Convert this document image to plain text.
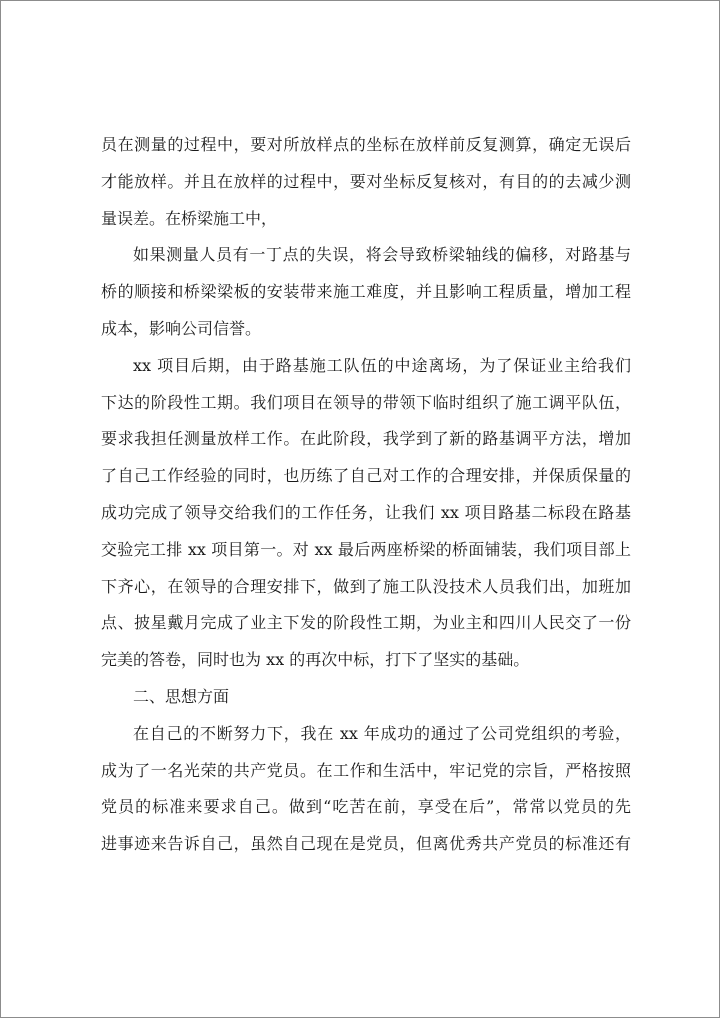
员在测量的过程中，要对所放样点的坐标在放样前反复测算，确定无误后
才能放样。并且在放样的过程中，要对坐标反复核对，有目的的去减少测
量误差。在桥梁施工中，

如果测量人员有一丁点的失误，将会导致桥梁轴线的偏移，对路基与
桥的顺接和桥梁梁板的安装带来施工难度，并且影响工程质量，增加工程
成本，影响公司信誉。

xx 项目后期，由于路基施工队伍的中途离场，为了保证业主给我们
下达的阶段性工期。我们项目在领导的带领下临时组织了施工调平队伍，
要求我担任测量放样工作。在此阶段，我学到了新的路基调平方法，增加
了自己工作经验的同时，也历练了自己对工作的合理安排，并保质保量的
成功完成了领导交给我们的工作任务，让我们 xx 项目路基二标段在路基
交验完工排 xx 项目第一。对 xx 最后两座桥梁的桥面铺装，我们项目部上
下齐心，在领导的合理安排下，做到了施工队没技术人员我们出，加班加
点、披星戴月完成了业主下发的阶段性工期，为业主和四川人民交了一份
完美的答卷，同时也为 xx 的再次中标，打下了坚实的基础。

二、思想方面

在自己的不断努力下，我在 xx 年成功的通过了公司党组织的考验，
成为了一名光荣的共产党员。在工作和生活中，牢记党的宗旨，严格按照
党员的标准来要求自己。做到“吃苦在前，享受在后”，常常以党员的先
进事迹来告诉自己，虽然自己现在是党员，但离优秀共产党员的标准还有
